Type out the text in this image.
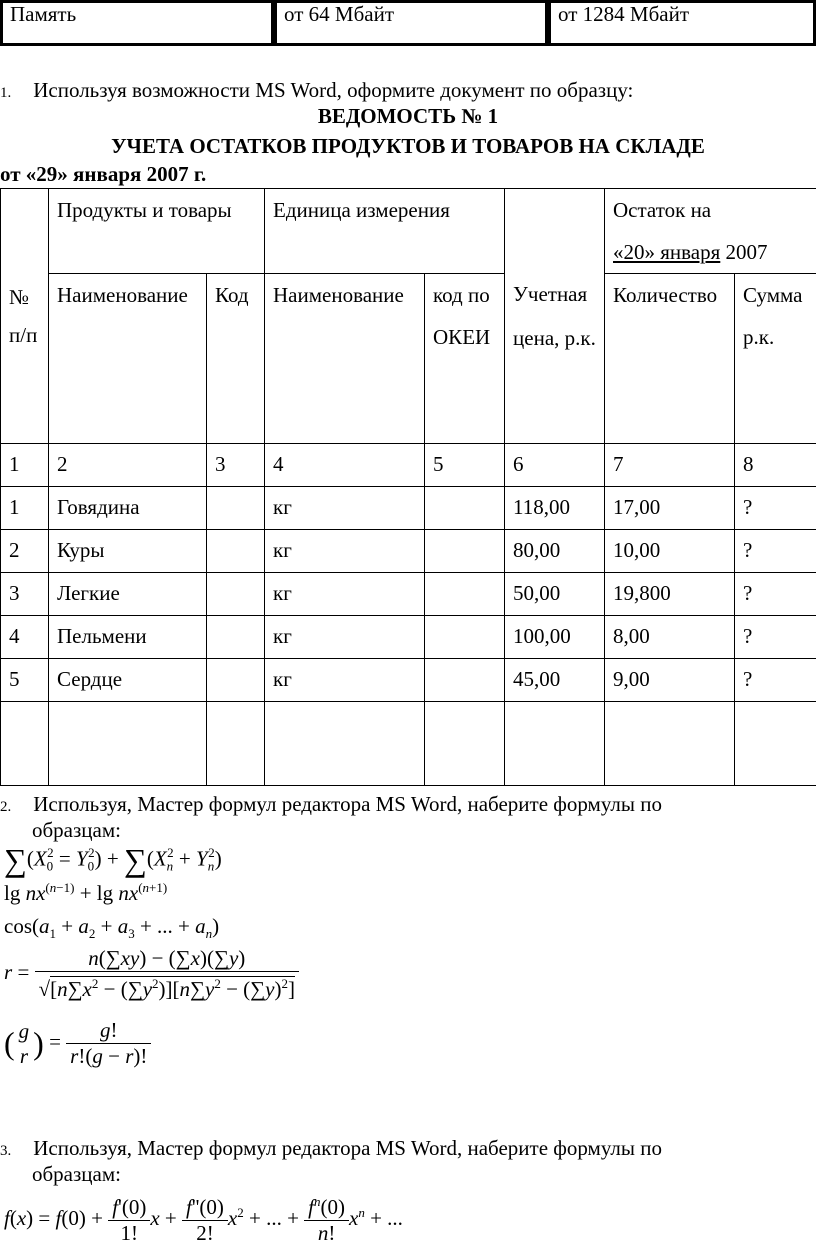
Память	от 64 Мбайт	от 1284 Мбайт
1. Используя возможности MS Word, оформите документ по образцу:
ВЕДОМОСТЬ № 1
УЧЕТА ОСТАТКОВ ПРОДУКТОВ И ТОВАРОВ НА СКЛАДЕ
от «29» января 2007 г.
№ п/п	Продукты и товары		Единица измерения		Учетная цена, р.к.	Остаток на
«20» января 2007	
	Наименование	Код	Наименование	код по ОКЕИ		Количество	Сумма р.к.
1	2	3	4	5	6	7	8
1	Говядина		кг		118,00	17,00	?
2	Куры		кг		80,00	10,00	?
3	Легкие		кг		50,00	19,800	?
4	Пельмени		кг		100,00	8,00	?
5	Сердце		кг		45,00	9,00	?

2. Используя, Мастер формул редактора MS Word, наберите формулы по
образцам:
$\sum(X_0^2 = Y_0^2) + \sum(X_n^2 + Y_n^2)$
$\lg nx^{(n-1)} + \lg nx^{(n+1)}$
$\cos(a_1 + a_2 + a_3$ + ... + $a_n$)
$r = \frac{n(\sum xy) - (\sum x)(\sum y)}{√[n\sum x^2 - (\sum y^2)][n\sum y^2 - (\sum y)^2]}$
( g
r ) = $\frac{g!}{r!(g - r)!}$
3. Используя, Мастер формул редактора MS Word, наберите формулы по
образцам:
$f(x) = f(0) + \frac{f'(0)}{1!}$ $x + \frac{f''(0)}{2!} x^2$ + ... + $\frac{f^n(0)}{n!} x^n$ + ...
